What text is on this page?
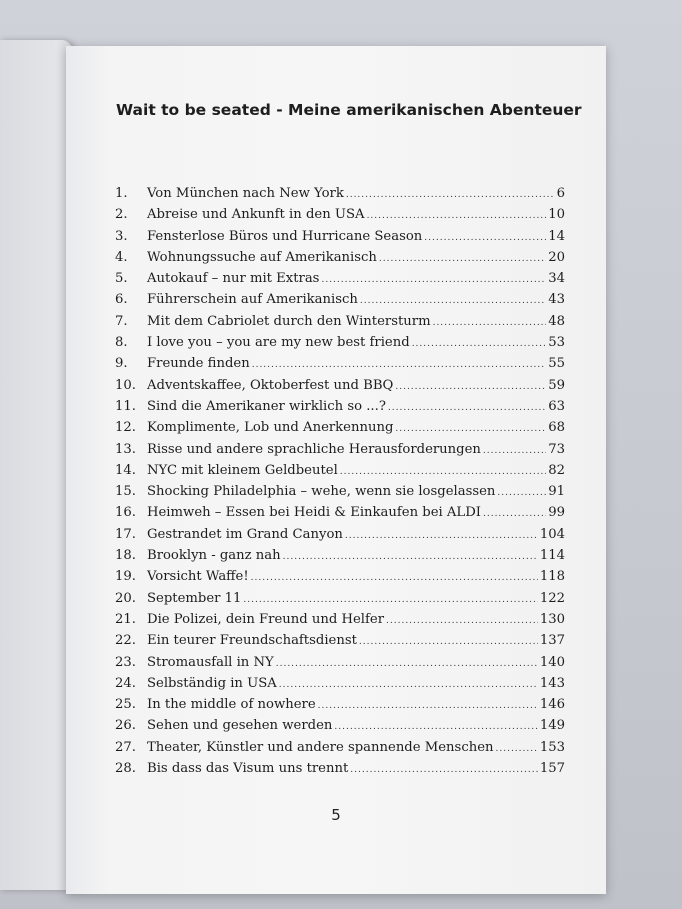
Wait to be seated - Meine amerikanischen Abenteuer
1.	Von München nach New York .....	6
2.	Abreise und Ankunft in den USA .....	10
3.	Fensterlose Büros und Hurricane Season .....	14
4.	Wohnungssuche auf Amerikanisch .....	20
5.	Autokauf – nur mit Extras .....	34
6.	Führerschein auf Amerikanisch .....	43
7.	Mit dem Cabriolet durch den Wintersturm .....	48
8.	I love you – you are my new best friend .....	53
9.	Freunde finden .....	55
10. Adventskaffee, Oktoberfest und BBQ .....	59
11. Sind die Amerikaner wirklich so ...? .....	63
12. Komplimente, Lob und Anerkennung .....	68
13. Risse und andere sprachliche Herausforderungen .....	73
14. NYC mit kleinem Geldbeutel .....	82
15. Shocking Philadelphia – wehe, wenn sie losgelassen .....	91
16. Heimweh – Essen bei Heidi & Einkaufen bei ALDI .....	99
17. Gestrandet im Grand Canyon .....	104
18. Brooklyn - ganz nah .....	114
19. Vorsicht Waffe! .....	118
20. September 11 .....	122
21. Die Polizei, dein Freund und Helfer .....	130
22. Ein teurer Freundschaftsdienst .....	137
23. Stromausfall in NY .....	140
24. Selbständig in USA .....	143
25. In the middle of nowhere .....	146
26. Sehen und gesehen werden .....	149
27. Theater, Künstler und andere spannende Menschen .....	153
28. Bis dass das Visum uns trennt .....	157
5
